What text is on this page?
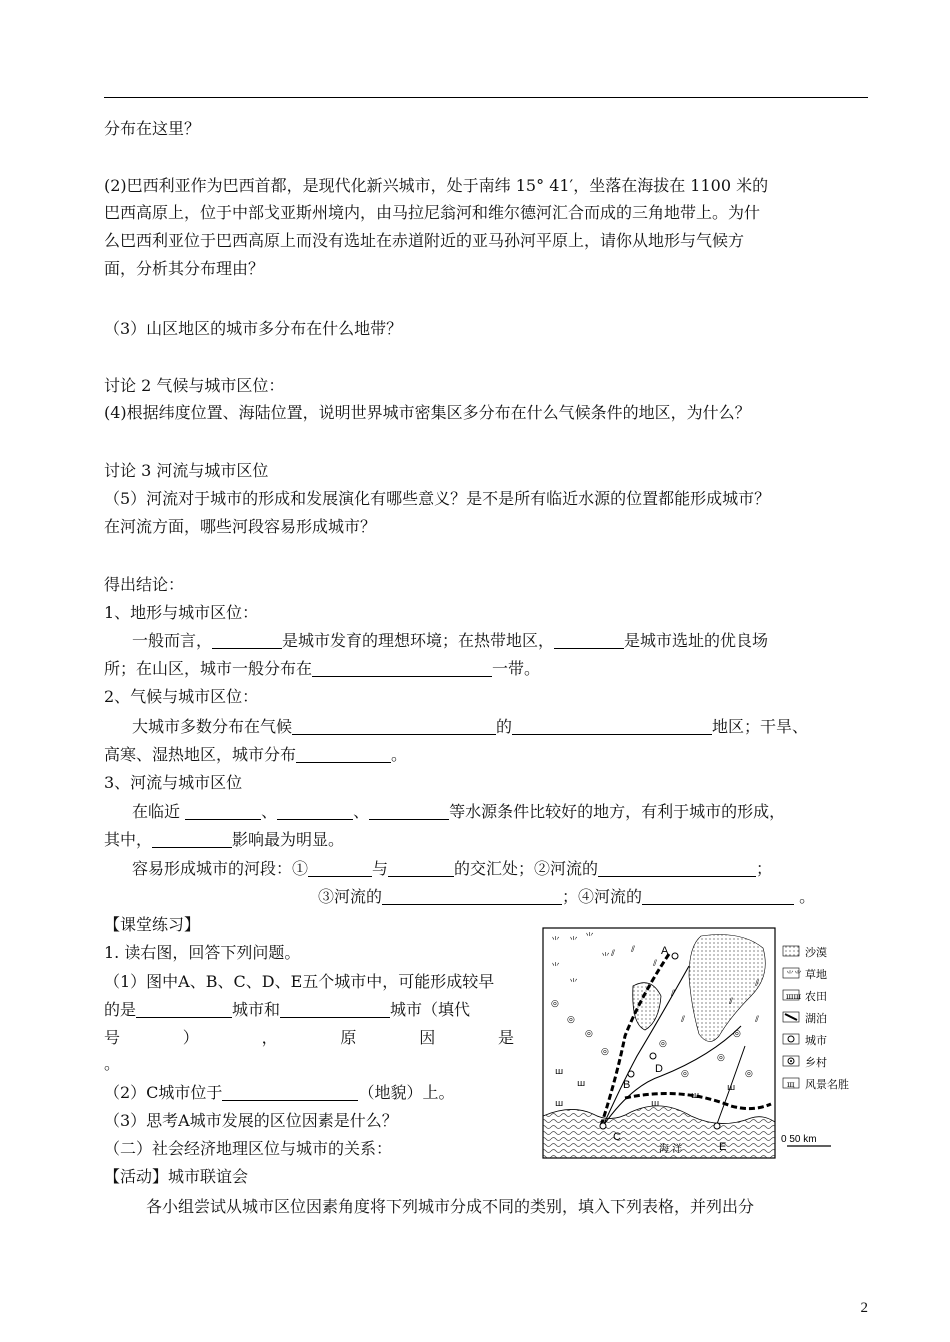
分布在这里？
(2)巴西利亚作为巴西首都，是现代化新兴城市，处于南纬 15° 41′，坐落在海拔在 1100 米的
巴西高原上，位于中部戈亚斯州境内，由马拉尼翁河和维尔德河汇合而成的三角地带上。为什
么巴西利亚位于巴西高原上而没有选址在赤道附近的亚马孙河平原上，请你从地形与气候方
面，分析其分布理由？
（3）山区地区的城市多分布在什么地带？
讨论 2 气候与城市区位：
(4)根据纬度位置、海陆位置，说明世界城市密集区多分布在什么气候条件的地区，为什么？
讨论 3 河流与城市区位
（5）河流对于城市的形成和发展演化有哪些意义？是不是所有临近水源的位置都能形成城市？
在河流方面，哪些河段容易形成城市？
得出结论：
1、地形与城市区位：
一般而言，	是城市发育的理想环境；在热带地区，	是城市选址的优良场
所；在山区，城市一般分布在	一带。
2、气候与城市区位：
大城市多数分布在气候	的	地区；干旱、
高寒、湿热地区，城市分布	。
3、河流与城市区位
在临近	、	、	等水源条件比较好的地方，有利于城市的形成，
其中，	影响最为明显。
容易形成城市的河段：①	与	的交汇处；②河流的	；
③河流的	；④河流的	。
【课堂练习】
1. 读右图，回答下列问题。
（1）图中A、B、C、D、E五个城市中，可能形成较早
的是	城市和	城市（填代
号	）	，	原	因	是
。
（2）C城市位于	（地貌）上。
（3）思考A城市发展的区位因素是什么？
（二）社会经济地理区位与城市的关系：
【活动】城市联谊会
各小组尝试从城市区位因素角度将下列城市分成不同的类别，填入下列表格，并列出分
⺌ ⺌ ⺌
⺌
⺌
⺌
◎
◎
◎
◎
◎
◎
◎
◎
◎
ш
ш
ш	ш
ш
ш
⫽ ⫽
⫽
⫽
⫽
⫽
⫽
⫽
A
B
C
D
E
海 洋
沙漠
⺌⺌ 草地
шш 农田
湖泊
城市
乡村
щ 风景名胜
0 50 km
2
